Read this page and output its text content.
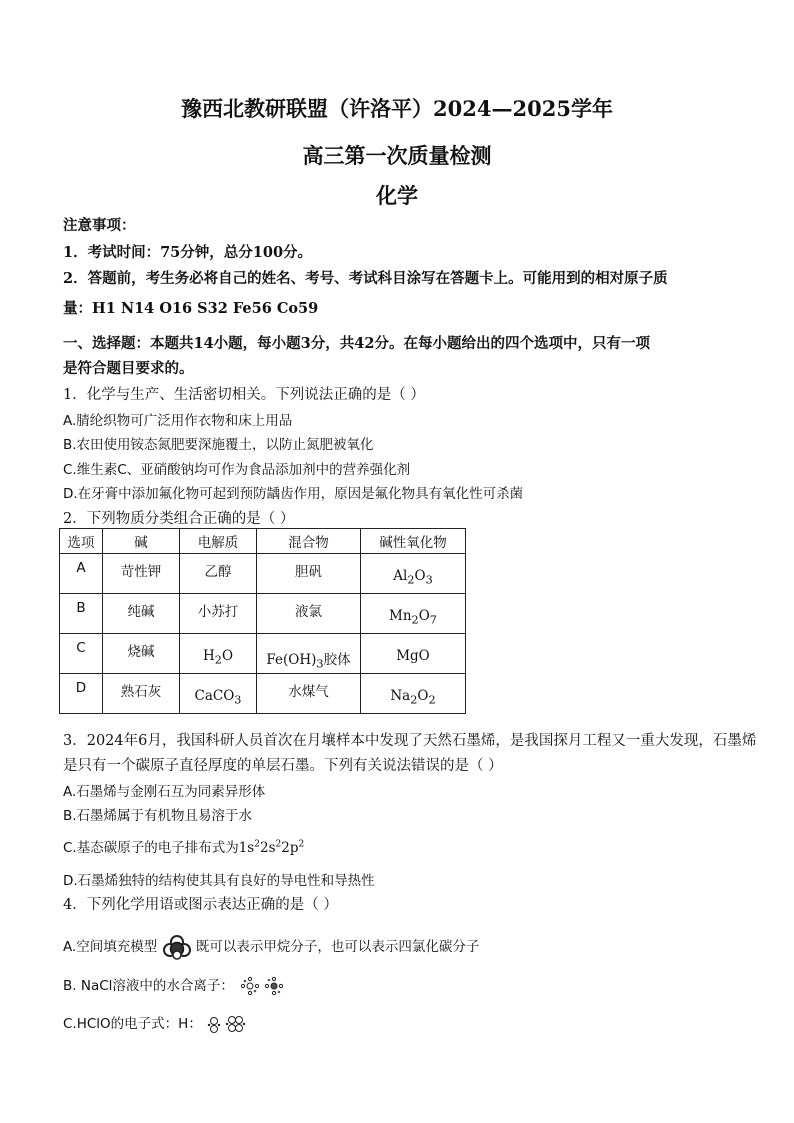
豫西北教研联盟（许洛平）2024—2025学年
高三第一次质量检测
化学
注意事项：
1．考试时间：75分钟，总分100分。
2．答题前，考生务必将自己的姓名、考号、考试科目涂写在答题卡上。可能用到的相对原子质
量：H1 N14 O16 S32 Fe56 Co59
一、选择题：本题共14小题，每小题3分，共42分。在每小题给出的四个选项中，只有一项
是符合题目要求的。
1．化学与生产、生活密切相关。下列说法正确的是（ ）
A.腈纶织物可广泛用作衣物和床上用品
B.农田使用铵态氮肥要深施覆土，以防止氮肥被氧化
C.维生素C、亚硝酸钠均可作为食品添加剂中的营养强化剂
D.在牙膏中添加氟化物可起到预防龋齿作用，原因是氟化物具有氧化性可杀菌
2．下列物质分类组合正确的是（ ）
选项	碱	电解质	混合物	碱性氧化物

A	苛性钾	乙醇	胆矾	$Al_2O_3$

B	纯碱	小苏打	液氯	$Mn_2O_7$

C	烧碱	$H_2O$	$Fe(OH)_3$胶体	MgO

D	熟石灰	CaCO$_3$	水煤气	$Na_2O_2$
3．2024年6月，我国科研人员首次在月壤样本中发现了天然石墨烯，是我国探月工程又一重大发现，石墨烯
是只有一个碳原子直径厚度的单层石墨。下列有关说法错误的是（ ）
A.石墨烯与金刚石互为同素异形体
B.石墨烯属于有机物且易溶于水
C.基态碳原子的电子排布式为$1s^22s^22p^2$
D.石墨烯独特的结构使其具有良好的导电性和导热性
4．下列化学用语或图示表达正确的是（ ）
A.空间填充模型	既可以表示甲烷分子，也可以表示四氯化碳分子
B. NaCl溶液中的水合离子：
C.HClO的电子式：H：
